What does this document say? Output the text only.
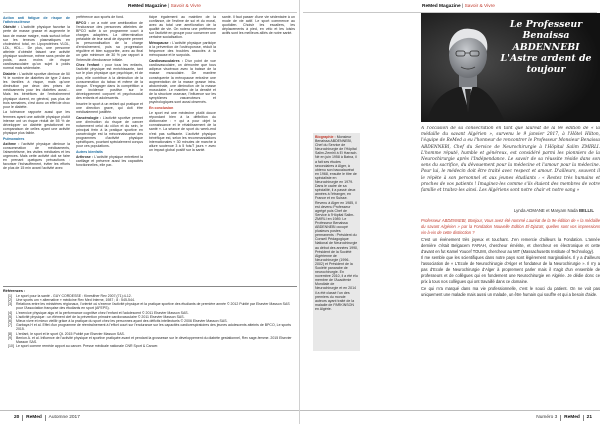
ReMed Magazine | Savoir & Vivre
Action anti fatigue de risque de l'athérosclérose

Obésité : L'activité physique favorise la perte de masse grasse et augmente le taux de masse maigre, mais surtout influe sur les teneurs plasmatiques en cholestérol total, en Lipoprotéines VLDL, LDL, HDL… De plus, une personne atteinte d'obésité faisant une activité physique soutenue, même sans perdre de poids, aura moins de risque cardiovasculaire qu'un sujet à poids normal mais sédentaire.

Diabète : L'activité sportive diminue de 50 % le nombre de diabètes de type 2 dans les familles à risque, mais qu'une diminution par deux des prises de médicaments pour les diabètes aussi… Mais les bénéfices de l'entraînement physique durent, en général, pas plus de trois semaines, c'est donc un effet de choc pour le diabète.

La tolérance rapporte aussi que les femmes ayant une activité physique plutôt intense ont un risque réduit de 55 % de développer un diabète gestationnel en comparaison de celles ayant une activité physique plus faible.

Pulmonaires

Asthme : l'activité physique diminue la consommation de médicaments, l'absentéisme, les visites médicales et les urgences. Mais cette activité doit se faire en prenant quelques précautions : favoriser l'échauffement, éviter les efforts de plus de 15 min avant l'activité avec

préférence aux sports de fond.

BPCO : on a noté une amélioration de l'endurance des personnes atteintes de BPCO suite à un programme court à charges adaptées. La détermination préalable de leur seuil de dyspnée permet la personnalisation de la charge d'entraînement, puis sa progression régulière et bien supportée, avec au final un gain minimum de 30 % par rapport à l'intensité d'endurance initiale.

Chez l'enfant : pour tous les enfants, l'activité physique est enrichissante, tant sur le plan physique que psychique, et de plus, elle contribue à la diminution de la consommation du tabac et même de la drogue. S'engager dans la compétition a une incidence positive sur le développement corporel et psychosocial des enfants et adolescents.

Inscrire le sport à un enfant qui pratique et une direction grave, qui doit être médicalement justifiée.

Cancérologie : L'activité sportive permet une diminution du risque de cancer notamment celui du côlon et du sein, le principal frein à la pratique sportive en cancérologie est la méconnaissance des programmes d'activité physique spécifiques, pourtant spécialement conçus pour ces populations.

Autres bienfaits

Arthrose : L'activité physique entretient la cartilage et préserve aussi les capacités fonctionnelles, elle par-

ticipe également au maintien de la confiance, de l'estime de soi et du moral, avec au total une amélioration de la qualité de vie. On notera une préférence sur l'activité en groupe pour conserver une certaine socialisation.

Ménopause : L'activité physique participe à la prévention de l'ostéoporose, réduit la fréquence des troubles associés à la ménopause et le surpoids.

Cardiovasculaires : D'un point de vue cardiovasculaire, on démontre que tous adipeux viscéraux avec la baisse de la masse musculaire. De manière conséquente la ménopause entraîne une augmentation de la masse grasse intra-abdominale, une diminution de la masse musculaire. Le maintien de la densité et de la structure osseuse, l'influence sur les symptômes vasomoteurs et psychologiques sont aussi observés.

En conclusion

Le sport est une médecine plutôt douce répondant bien à la définition du dictionnaire : « qui a pour objet la connaissance et le rétablissement de la santé ». La séance de sport du week-end n'est pas suffisante. L'activité physique bénéfique est, selon les recommandations internationales « 30 minutes de marche à allure soutenue 3 à 5 fois/7 jours » avec un impact global positif sur la santé.

santé. Il faut passer d'une vie sédentaire à un mode de vie actif. Le sport commence au quotidien. Choisir les escaliers, les déplacements à pied, en vélo et les loisirs actifs sont les meilleurs alliés de notre santé.

Références :
[1]	Le sport pour la santé - GUY CORDESSE : Kinesither Rev 2007;(71):4-12.
[2]	Une sports um « alternative » médicine Rev Med Interne, 1987 ; 8 : 545-544.
[3]	Relations entre les ministères régionaux, l'orienté où s'exerce l'activité physique et la pratique sportive des étudiants de première année © 2012 Publié par Elsevier Masson SAS pour l'Association française des étudiants en sport (AFEPS).
[4]	L'exercice physique aigu et la performance cognitive chez l'enfant et l'adolescent © 2011 Elsevier Masson SAS.
[5]	L'activité physique : un élément clef de la prévention primaire cardiovasculaire © 2011 Elsevier Masson SAS.
[6]	Mieux vivre et mieux vieillir grâce à la pratique du sport chez les personnes ayant des déficits intellectuels © 2006 Elsevier Masson SAS.
[7]	Garbaya H et al. Effet d'un programme de réentraînement à l'effort court sur l'endurance sur les capacités cardiorespiratoires des jeunes adolescents atteints de BPCO, Le sports 2015.
[8]	L'enfant, le sport et le sport Qt. 2015 Publié par Elsevier Masson SAS.
[9]	Benion A. et al. Influence de l'activité physique et sportive pratiquée avant et pendant la grossesse sur le développement du diabète gestationnel, Rev sage-femme. 2015 Elsevier Masson SAS.
[10] Le sport comme remède apport au cancer. Presse médicale nationale CNR Sport & Cancer.
20 ReMed Automne 2017
ReMed Magazine | Savoir & Vivre
Le Professeur
Benaissa ABDENNEBI
L'Astre ardent de
toujour
Biographie : Monsieur Benaissa ABDENNEBI, Chef du Service de Neurochirurgie de l'Hôpital Salim-Zemirli à El Harrach. Né en juin 1958 à Batna, il a fait ses études secondaires à Alger, à obtenu son baccalauréat en 1968, ensuite le titre de spécialiste en Neurochirurgie en 1979. Dans le cadre de sa spécialité, il a passé deux années à l'étranger, en France et en Suisse. Revenu à Alger en 1985, il est devenu Professeur agrégé puis Chef de Service à l'Hôpital Salim-ZMIRLI en 1989. Le Professeur Benaissa ABDENNEBI occupé plusieurs postes permanents : Président du Conseil Pédagogique National de Neurochirurgie au début des années 1990, Président de la Société Algérienne de Neurochirurgie (1996-2002) et Président de la Société panarabe de neurochirurgie. En novembre 2010, il a été élu membre de l'Académie Mondiale de Neurochirurgie et en 2014 il a été classé l'un des premiers du monde auteurs ayant traité de la maladie de PARKINSON en Algérie.
À l'occasion de sa consécration en tant que lauréat de la 9e édition de « la médaille du savant Algérien », survenu le 9 janvier 2017, à l'Hôtel Hilton, l'équipe de ReMed a eu l'honneur de rencontrer le Professeur Monsieur Benaissa ABDENNEBI, Chef du Service de Neurochirurgie à l'Hôpital Salim ZMIRLI. L'homme réputé, humble et généreux, est considéré parmi les pionniers de la Neurochirurgie après l'Indépendance. Le savoir de sa réussite réside dans son sens du sacrifice, du dévouement pour la médecine et l'amour pour la médecine. Pour lui, le médecin doit être traité avec respect et amour. D'ailleurs, souvent il le répète à son personnel et aux jeunes étudiants : « Restez très humains et proches de vos patients ! Imaginez-les comme s'ils étaient des membres de votre famille et traitez-les ainsi. Les Algériens sont notre chair et notre sang »
Lynda ADMANE et Maryam Nada BELLIL

Professeur ABDENNEBI, Bonjour, Vous avez été nommé Lauréat de la 9e édition de « la médaille du savant Algérien » par la Fondation Nouvelle Edition El-Djazaïr, quelles sont vos impressions vis-à-vis de cette distinction ?

C'est un événement très joyeux et touchant. J'en remercie d'ailleurs la Fondation. L'année dernière c'était Belgacem FARAH, chercheur émérite, et chercheur en électronique et cette d'avant en fut Kamel Youcef TOUMI, chercheur au MIT (Massachusetts Institute of Technology).

Il me semble que les scientifiques dans notre pays sont légèrement marginalisés. Il y a d'ailleurs l'association de « L'Ecole de Neurochirurgie d'Alger et fondateur de la Neurochirurgie ». Il n'y a pas d'Ecole de Neurochirurgie d'Alger à proprement parler mais il s'agit d'un ensemble de professeurs et de collègues qui en fondement une Neurochirurgie en Algérie. Je dédie donc ce prix à tous nos collègues qui ont travaillé dans ce domaine.

Ce qui m'a marqué dans ma vie professionnelle, c'est le souci du patient. On ne voit pas uniquement une maladie mais aussi un malade, un être humain qui souffre et qui a besoin d'aide.

Numéro 3 ReMed 21
